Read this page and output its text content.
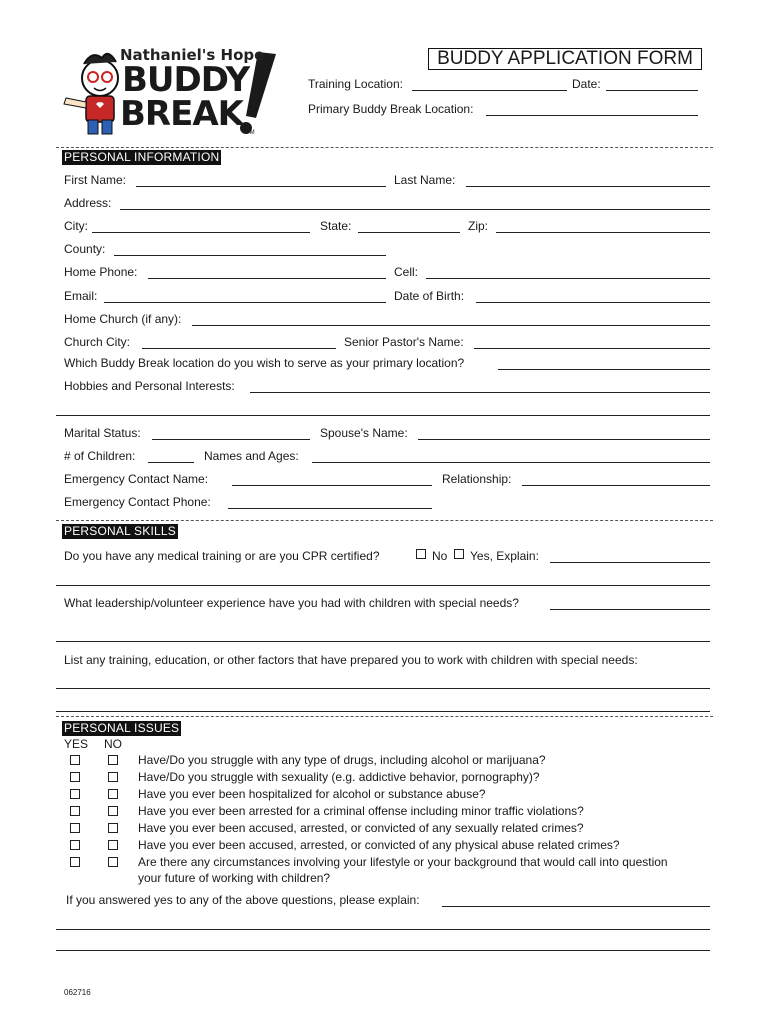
Nathaniel's Hope
BUDDY
BREAK TM
BUDDY APPLICATION FORM
Training Location:	Date:
Primary Buddy Break Location:
PERSONAL INFORMATION
First Name:	Last Name:
Address:
City:	State:	Zip:
County:
Home Phone:	Cell:
Email:	Date of Birth:
Home Church (if any):
Church City:	Senior Pastor's Name:
Which Buddy Break location do you wish to serve as your primary location?
Hobbies and Personal Interests:
Marital Status:	Spouse's Name:
# of Children:	Names and Ages:
Emergency Contact Name:	Relationship:
Emergency Contact Phone:
PERSONAL SKILLS
Do you have any medical training or are you CPR certified?	No Yes, Explain:
What leadership/volunteer experience have you had with children with special needs?
List any training, education, or other factors that have prepared you to work with children with special needs:
PERSONAL ISSUES
YES NO
Have/Do you struggle with any type of drugs, including alcohol or marijuana?
Have/Do you struggle with sexuality (e.g. addictive behavior, pornography)?
Have you ever been hospitalized for alcohol or substance abuse?
Have you ever been arrested for a criminal offense including minor traffic violations?
Have you ever been accused, arrested, or convicted of any sexually related crimes?
Have you ever been accused, arrested, or convicted of any physical abuse related crimes?
Are there any circumstances involving your lifestyle or your background that would call into question
your future of working with children?
If you answered yes to any of the above questions, please explain:
062716
